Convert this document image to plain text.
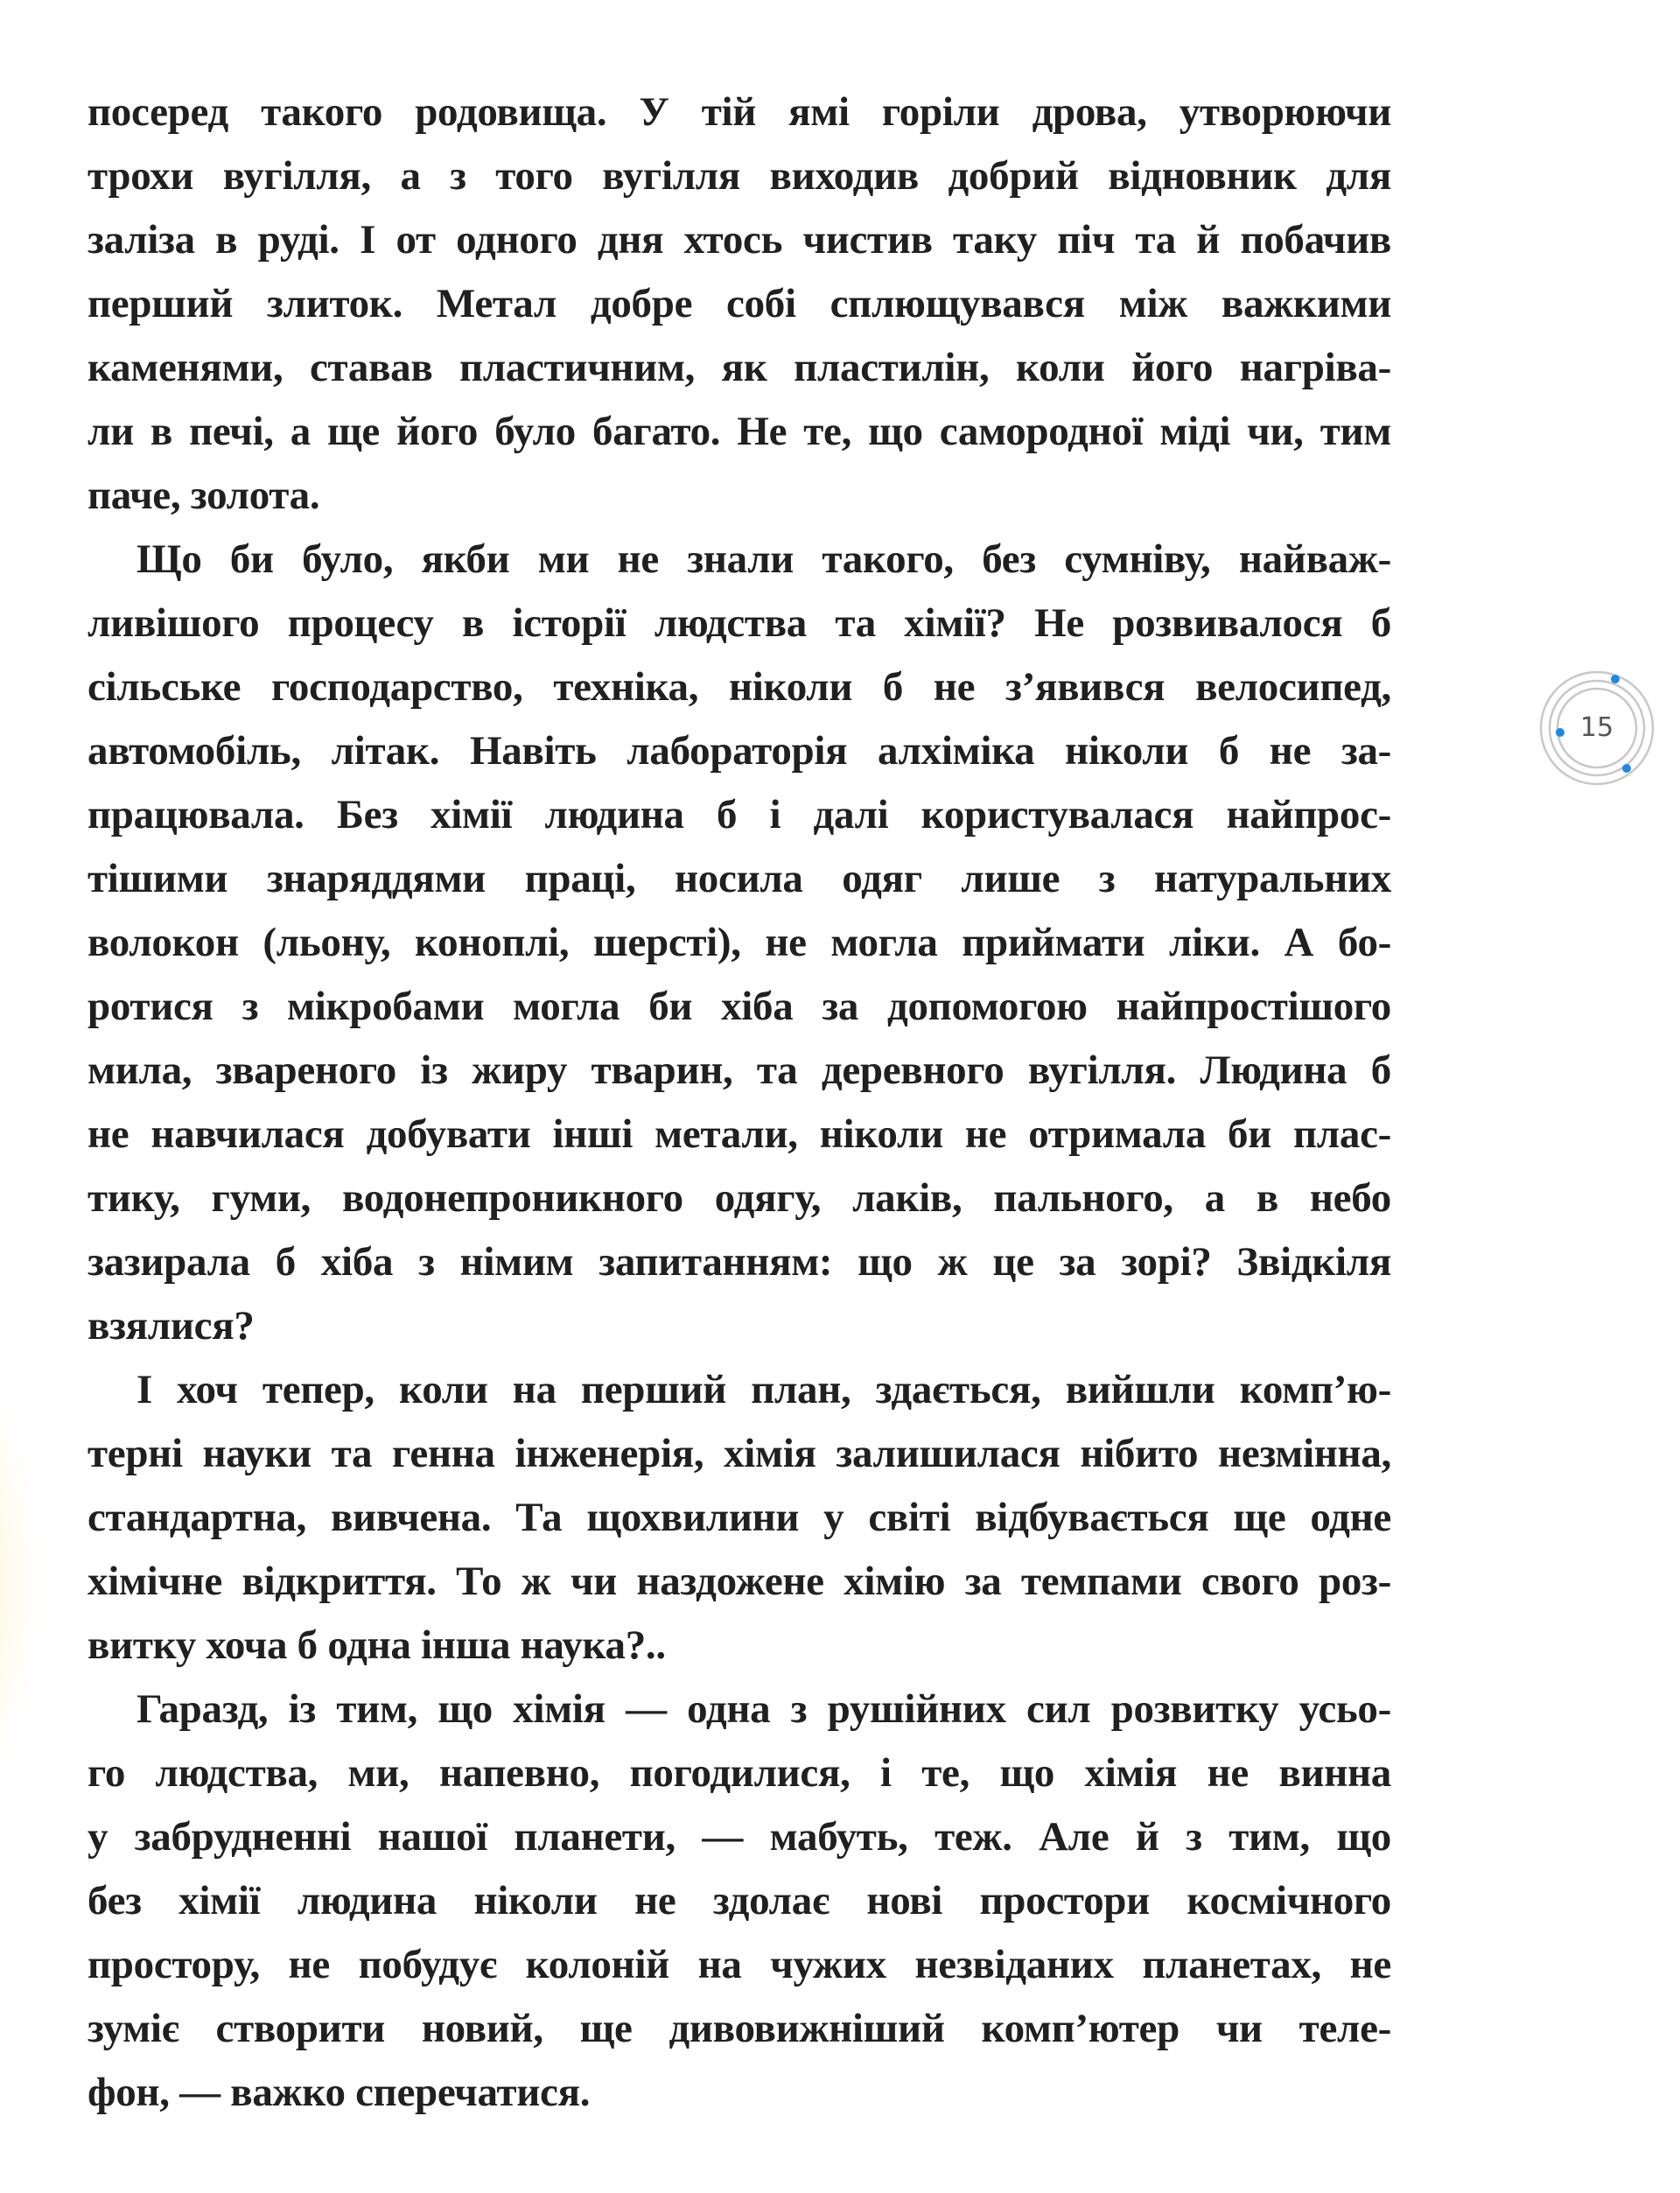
посеред такого родовища. У тій ямі горіли дрова, утворюючи
трохи вугілля, а з того вугілля виходив добрий відновник для
заліза в руді. І от одного дня хтось чистив таку піч та й побачив
перший злиток. Метал добре собі сплющувався між важкими
каменями, ставав пластичним, як пластилін, коли його нагріва-
ли в печі, а ще його було багато. Не те, що самородної міді чи, тим
паче, золота.
Що би було, якби ми не знали такого, без сумніву, найваж-
ливішого процесу в історії людства та хімії? Не розвивалося б
сільське господарство, техніка, ніколи б не з’явився велосипед,
автомобіль, літак. Навіть лабораторія алхіміка ніколи б не за-
працювала. Без хімії людина б і далі користувалася найпрос-
тішими знаряддями праці, носила одяг лише з натуральних
волокон (льону, коноплі, шерсті), не могла приймати ліки. А бо-
ротися з мікробами могла би хіба за допомогою найпростішого
мила, звареного із жиру тварин, та деревного вугілля. Людина б
не навчилася добувати інші метали, ніколи не отримала би плас-
тику, гуми, водонепроникного одягу, лаків, пального, а в небо
зазирала б хіба з німим запитанням: що ж це за зорі? Звідкіля
взялися?
І хоч тепер, коли на перший план, здається, вийшли комп’ю-
терні науки та генна інженерія, хімія залишилася нібито незмінна,
стандартна, вивчена. Та щохвилини у світі відбувається ще одне
хімічне відкриття. То ж чи наздожене хімію за темпами свого роз-
витку хоча б одна інша наука?..
Гаразд, із тим, що хімія — одна з рушійних сил розвитку усьо-
го людства, ми, напевно, погодилися, і те, що хімія не винна
у забрудненні нашої планети, — мабуть, теж. Але й з тим, що
без хімії людина ніколи не здолає нові простори космічного
простору, не побудує колоній на чужих незвіданих планетах, не
зуміє створити новий, ще дивовижніший комп’ютер чи теле-
фон, — важко сперечатися.
15
